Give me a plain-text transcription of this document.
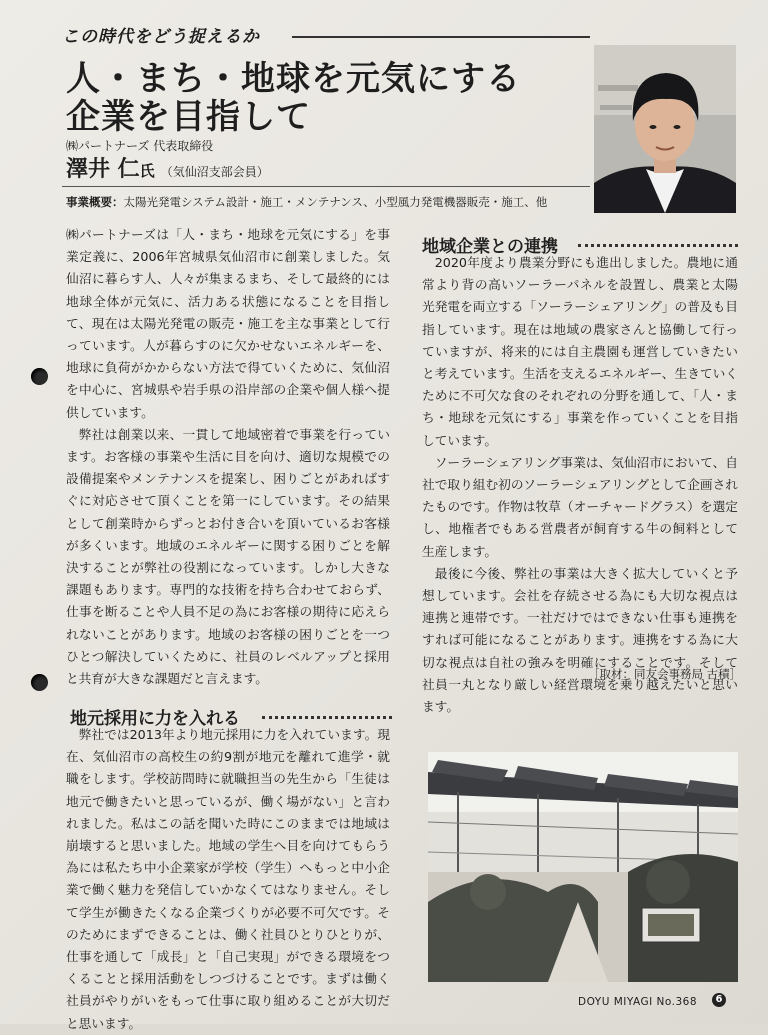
この時代をどう捉えるか
人・まち・地球を元気にする
企業を目指して
㈱パートナーズ 代表取締役
澤井 仁氏 （気仙沼支部会員）
事業概要：太陽光発電システム設計・施工・メンテナンス、小型風力発電機器販売・施工、他

㈱パートナーズは「人・まち・地球を元気にする」を事業定義に、2006年宮城県気仙沼市に創業しました。気仙沼に暮らす人、人々が集まるまち、そして最終的には地球全体が元気に、活力ある状態になることを目指して、現在は太陽光発電の販売・施工を主な事業として行っています。人が暮らすのに欠かせないエネルギーを、地球に負荷がかからない方法で得ていくために、気仙沼を中心に、宮城県や岩手県の沿岸部の企業や個人様へ提供しています。

弊社は創業以来、一貫して地域密着で事業を行っています。お客様の事業や生活に目を向け、適切な規模での設備提案やメンテナンスを提案し、困りごとがあればすぐに対応させて頂くことを第一にしています。その結果として創業時からずっとお付き合いを頂いているお客様が多くいます。地域のエネルギーに関する困りごとを解決することが弊社の役割になっています。しかし大きな課題もあります。専門的な技術を持ち合わせておらず、仕事を断ることや人員不足の為にお客様の期待に応えられないことがあります。地域のお客様の困りごとを一つひとつ解決していくために、社員のレベルアップと採用と共育が大きな課題だと言えます。

地元採用に力を入れる

弊社では2013年より地元採用に力を入れています。現在、気仙沼市の高校生の約9割が地元を離れて進学・就職をします。学校訪問時に就職担当の先生から「生徒は地元で働きたいと思っているが、働く場がない」と言われました。私はこの話を聞いた時にこのままでは地域は崩壊すると思いました。地域の学生へ目を向けてもらう為には私たち中小企業家が学校（学生）へもっと中小企業で働く魅力を発信していかなくてはなりません。そして学生が働きたくなる企業づくりが必要不可欠です。そのためにまずできることは、働く社員ひとりひとりが、仕事を通して「成長」と「自己実現」ができる環境をつくることと採用活動をしつづけることです。まずは働く社員がやりがいをもって仕事に取り組めることが大切だと思います。

地域企業との連携

2020年度より農業分野にも進出しました。農地に通常より背の高いソーラーパネルを設置し、農業と太陽光発電を両立する「ソーラーシェアリング」の普及も目指しています。現在は地域の農家さんと協働して行っていますが、将来的には自主農園も運営していきたいと考えています。生活を支えるエネルギー、生きていくために不可欠な食のそれぞれの分野を通して、「人・まち・地球を元気にする」事業を作っていくことを目指しています。

ソーラーシェアリング事業は、気仙沼市において、自社で取り組む初のソーラーシェアリングとして企画されたものです。作物は牧草（オーチャードグラス）を選定し、地権者でもある営農者が飼育する牛の飼料として生産します。

最後に今後、弊社の事業は大きく拡大していくと予想しています。会社を存続させる為にも大切な視点は連携と連帯です。一社だけではできない仕事も連携をすれば可能になることがあります。連携をする為に大切な視点は自社の強みを明確にすることです。そして社員一丸となり厳しい経営環境を乗り越えたいと思います。

［取材：同友会事務局 古積］
DOYU MIYAGI No.368	6
